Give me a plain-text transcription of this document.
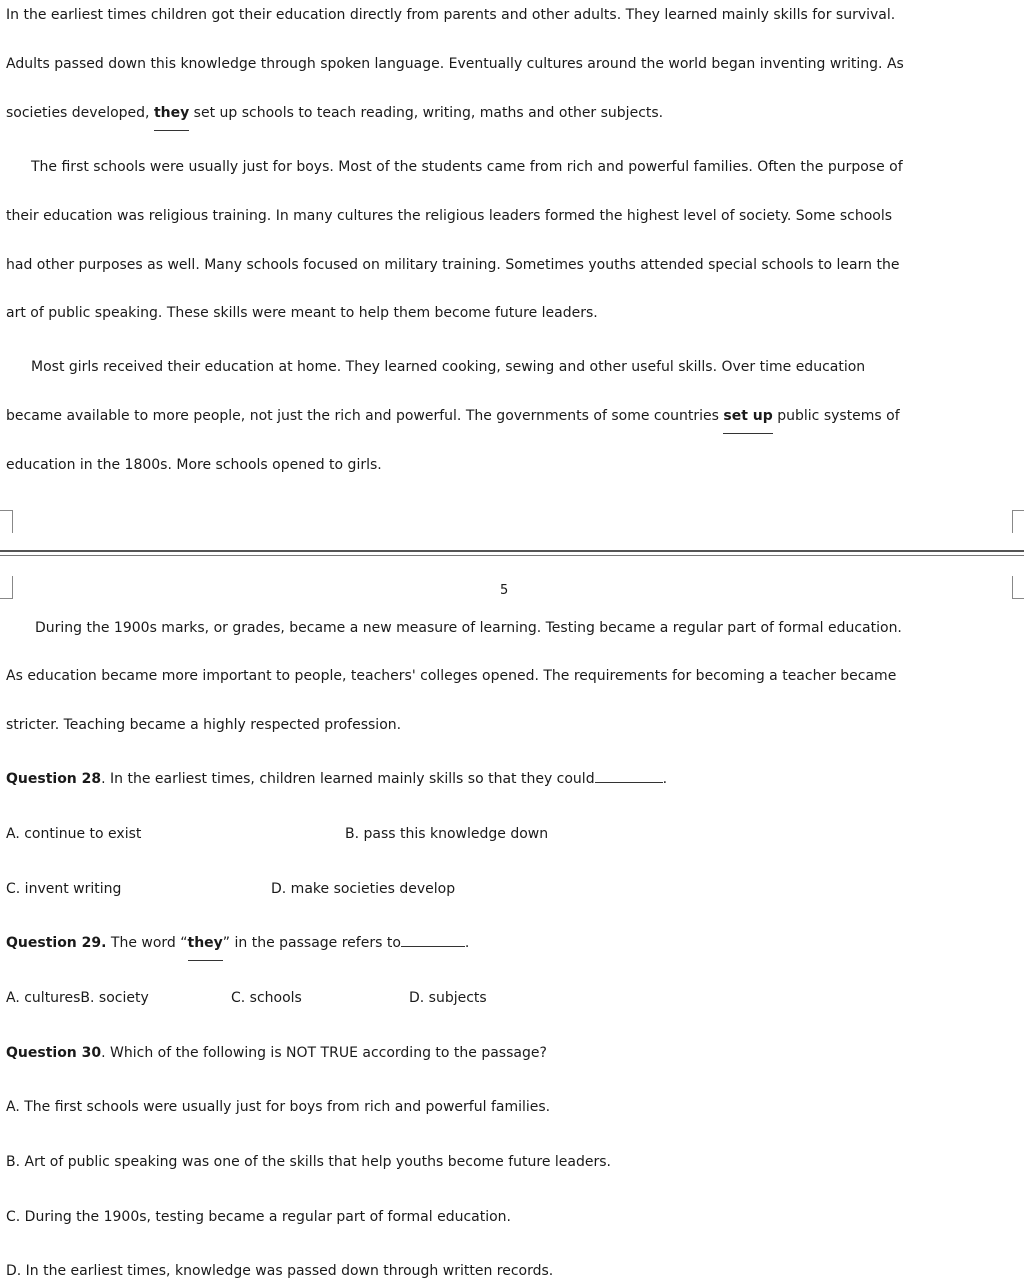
In the earliest times children got their education directly from parents and other adults. They learned mainly skills for survival.
Adults passed down this knowledge through spoken language. Eventually cultures around the world began inventing writing. As
societies developed, they set up schools to teach reading, writing, maths and other subjects.
The first schools were usually just for boys. Most of the students came from rich and powerful families. Often the purpose of
their education was religious training. In many cultures the religious leaders formed the highest level of society. Some schools
had other purposes as well. Many schools focused on military training. Sometimes youths attended special schools to learn the
art of public speaking. These skills were meant to help them become future leaders.
Most girls received their education at home. They learned cooking, sewing and other useful skills. Over time education
became available to more people, not just the rich and powerful. The governments of some countries set up public systems of
education in the 1800s. More schools opened to girls.
5
During the 1900s marks, or grades, became a new measure of learning. Testing became a regular part of formal education.
As education became more important to people, teachers' colleges opened. The requirements for becoming a teacher became
stricter. Teaching became a highly respected profession.
Question 28. In the earliest times, children learned mainly skills so that they could	.
A. continue to exist	B. pass this knowledge down
C. invent writing	D. make societies develop
Question 29. The word “they” in the passage refers to	.
A. culturesB. society	C. schools	D. subjects
Question 30. Which of the following is NOT TRUE according to the passage?
A. The first schools were usually just for boys from rich and powerful families.
B. Art of public speaking was one of the skills that help youths become future leaders.
C. During the 1900s, testing became a regular part of formal education.
D. In the earliest times, knowledge was passed down through written records.
